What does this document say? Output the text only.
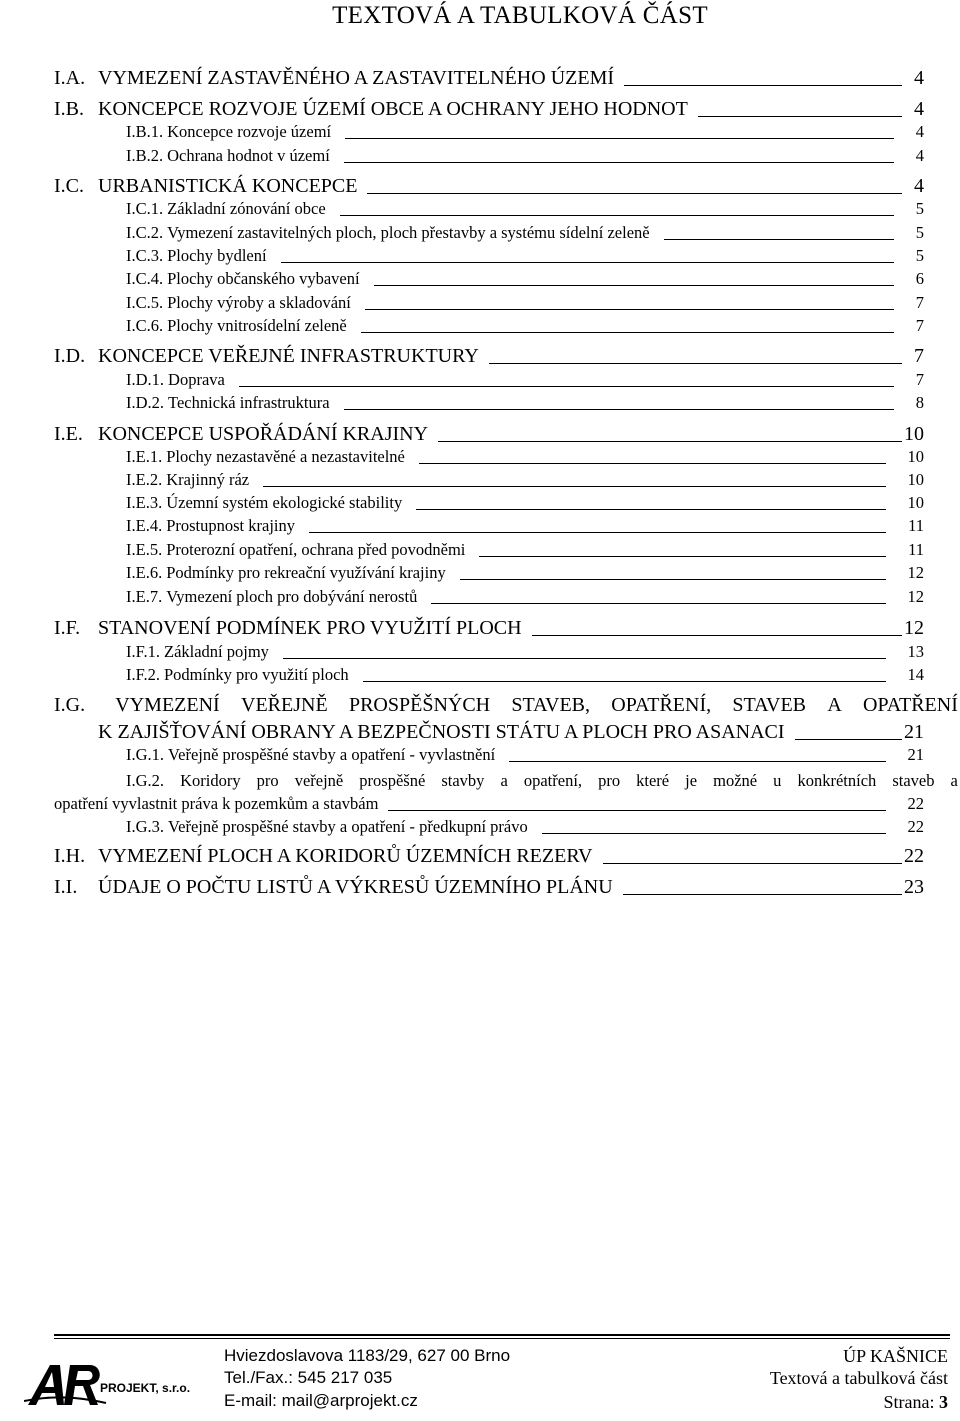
TEXTOVÁ A TABULKOVÁ ČÁST
I.A. VYMEZENÍ ZASTAVĚNÉHO A ZASTAVITELNÉHO ÚZEMÍ	4
I.B. KONCEPCE ROZVOJE ÚZEMÍ OBCE A OCHRANY JEHO HODNOT	4
I.B.1. Koncepce rozvoje území	4
I.B.2. Ochrana hodnot v území	4
I.C. URBANISTICKÁ KONCEPCE	4
I.C.1. Základní zónování obce	5
I.C.2. Vymezení zastavitelných ploch, ploch přestavby a systému sídelní zeleně	5
I.C.3. Plochy bydlení	5
I.C.4. Plochy občanského vybavení	6
I.C.5. Plochy výroby a skladování	7
I.C.6. Plochy vnitrosídelní zeleně	7
I.D. KONCEPCE VEŘEJNÉ INFRASTRUKTURY	7
I.D.1. Doprava	7
I.D.2. Technická infrastruktura	8
I.E. KONCEPCE USPOŘÁDÁNÍ KRAJINY	10
I.E.1. Plochy nezastavěné a nezastavitelné	10
I.E.2. Krajinný ráz	10
I.E.3. Územní systém ekologické stability	10
I.E.4. Prostupnost krajiny	11
I.E.5. Proterozní opatření, ochrana před povodněmi	11
I.E.6. Podmínky pro rekreační využívání krajiny	12
I.E.7. Vymezení ploch pro dobývání nerostů	12
I.F. STANOVENÍ PODMÍNEK PRO VYUŽITÍ PLOCH	12
I.F.1. Základní pojmy	13
I.F.2. Podmínky pro využití ploch	14
I.G.	VYMEZENÍ VEŘEJNĚ PROSPĚŠNÝCH STAVEB, OPATŘENÍ, STAVEB A OPATŘENÍ
K ZAJIŠŤOVÁNÍ OBRANY A BEZPEČNOSTI STÁTU A PLOCH PRO ASANACI	21
I.G.1. Veřejně prospěšné stavby a opatření - vyvlastnění	21
I.G.2. Koridory pro veřejně prospěšné stavby a opatření, pro které je možné u konkrétních staveb a
opatření vyvlastnit práva k pozemkům a stavbám	22
I.G.3. Veřejně prospěšné stavby a opatření - předkupní právo	22
I.H. VYMEZENÍ PLOCH A KORIDORŮ ÚZEMNÍCH REZERV	22
I.I.	ÚDAJE O POČTU LISTŮ A VÝKRESŮ ÚZEMNÍHO PLÁNU	23
PROJEKT, s.r.o.
Hviezdoslavova 1183/29, 627 00 Brno
Tel./Fax.: 545 217 035
E-mail: mail@arprojekt.cz
ÚP KAŠNICE
Textová a tabulková část
Strana: 3
